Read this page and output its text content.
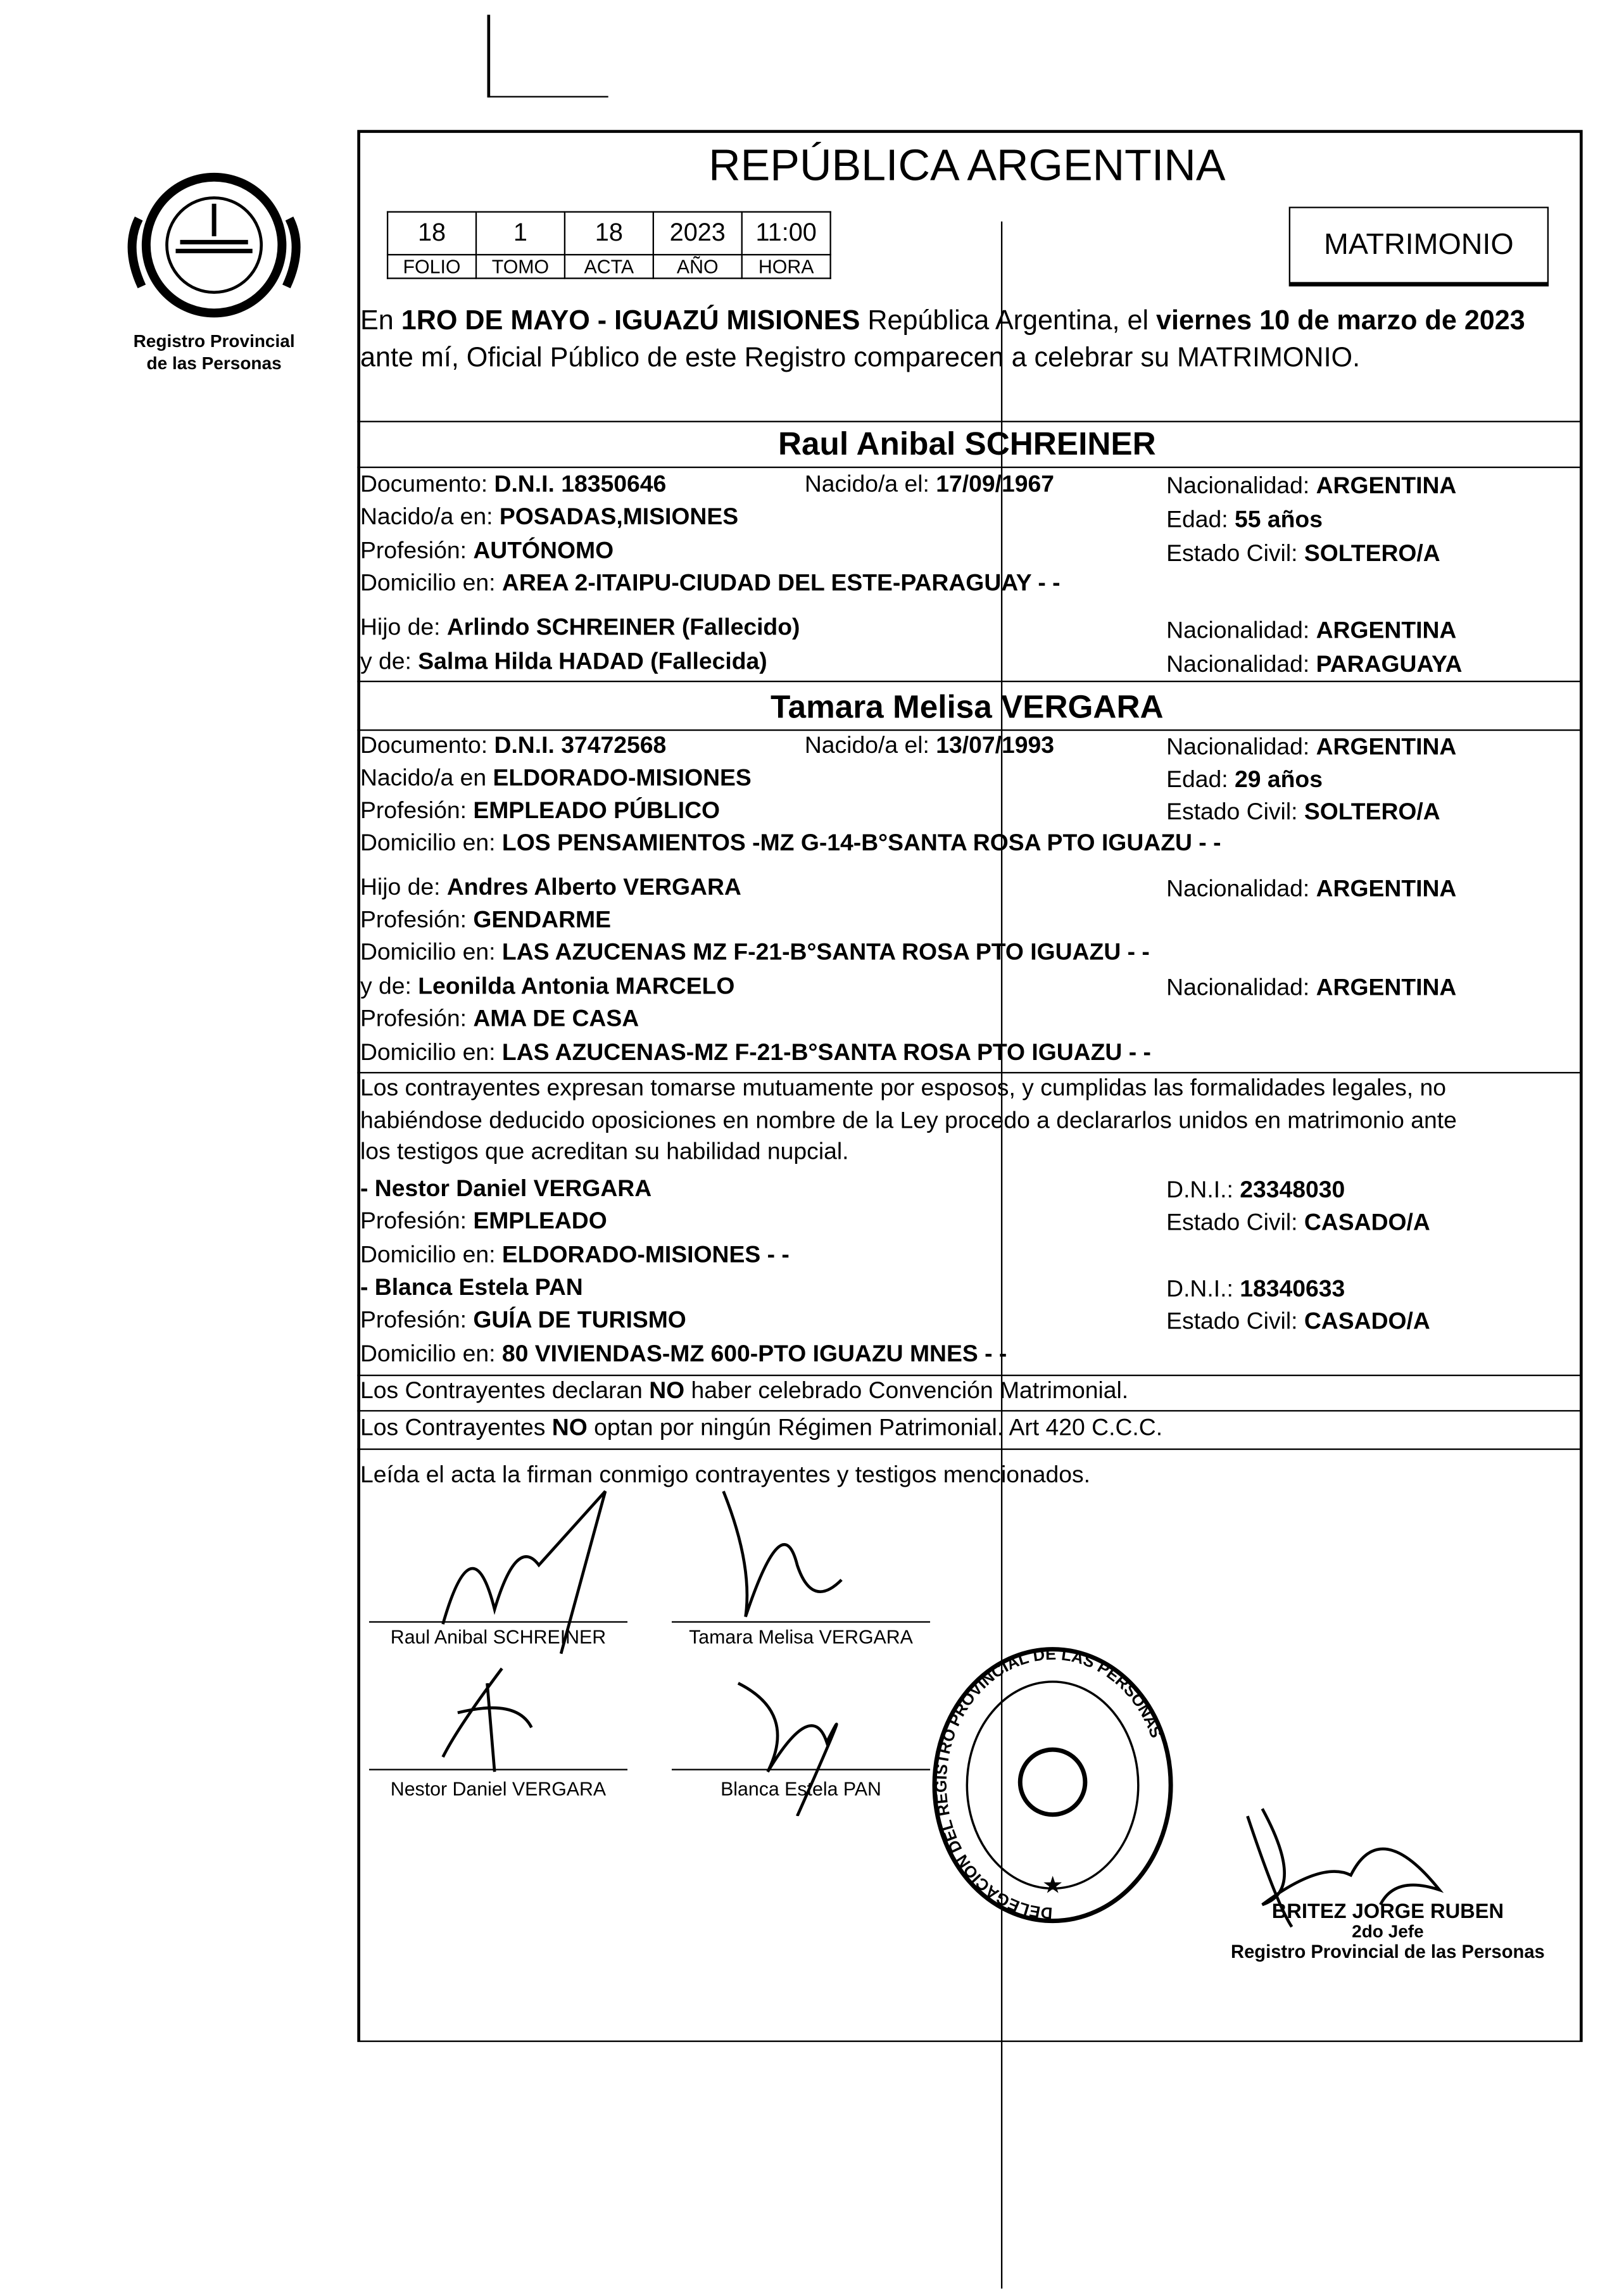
Registro Provincial
de las Personas
REPÚBLICA ARGENTINA
18	1	18	2023	11:00
FOLIO	TOMO	ACTA	AÑO	HORA
MATRIMONIO
En 1RO DE MAYO - IGUAZÚ MISIONES República Argentina, el viernes 10 de marzo de 2023 ante mí, Oficial Público de este Registro comparecen a celebrar su MATRIMONIO.
Raul Anibal SCHREINER
Documento: D.N.I. 18350646	Nacido/a el: 17/09/1967	Nacionalidad: ARGENTINA
Nacido/a en: POSADAS,MISIONES	Edad: 55 años
Profesión: AUTÓNOMO	Estado Civil: SOLTERO/A
Domicilio en: AREA 2-ITAIPU-CIUDAD DEL ESTE-PARAGUAY - -
Hijo de: Arlindo SCHREINER (Fallecido)	Nacionalidad: ARGENTINA
y de: Salma Hilda HADAD (Fallecida)	Nacionalidad: PARAGUAYA
Tamara Melisa VERGARA
Documento: D.N.I. 37472568	Nacido/a el: 13/07/1993	Nacionalidad: ARGENTINA
Nacido/a en ELDORADO-MISIONES	Edad: 29 años
Profesión: EMPLEADO PÚBLICO	Estado Civil: SOLTERO/A
Domicilio en: LOS PENSAMIENTOS -MZ G-14-B°SANTA ROSA PTO IGUAZU - -
Hijo de: Andres Alberto VERGARA	Nacionalidad: ARGENTINA
Profesión: GENDARME
Domicilio en: LAS AZUCENAS MZ F-21-B°SANTA ROSA PTO IGUAZU - -
y de: Leonilda Antonia MARCELO	Nacionalidad: ARGENTINA
Profesión: AMA DE CASA
Domicilio en: LAS AZUCENAS-MZ F-21-B°SANTA ROSA PTO IGUAZU - -
Los contrayentes expresan tomarse mutuamente por esposos, y cumplidas las formalidades legales, no
habiéndose deducido oposiciones en nombre de la Ley procedo a declararlos unidos en matrimonio ante
los testigos que acreditan su habilidad nupcial.
- Nestor Daniel VERGARA	D.N.I.: 23348030
Profesión: EMPLEADO	Estado Civil: CASADO/A
Domicilio en: ELDORADO-MISIONES - -
- Blanca Estela PAN	D.N.I.: 18340633
Profesión: GUÍA DE TURISMO	Estado Civil: CASADO/A
Domicilio en: 80 VIVIENDAS-MZ 600-PTO IGUAZU MNES - -
Los Contrayentes declaran NO haber celebrado Convención Matrimonial.
Los Contrayentes NO optan por ningún Régimen Patrimonial. Art 420 C.C.C.
Leída el acta la firman conmigo contrayentes y testigos mencionados.
Raul Anibal SCHREINER	Tamara Melisa VERGARA
Nestor Daniel VERGARA	Blanca Estela PAN
DELEGACION DEL REGISTRO PROVINCIAL DE LAS PERSONAS
★
BRITEZ JORGE RUBEN
2do Jefe
Registro Provincial de las Personas
